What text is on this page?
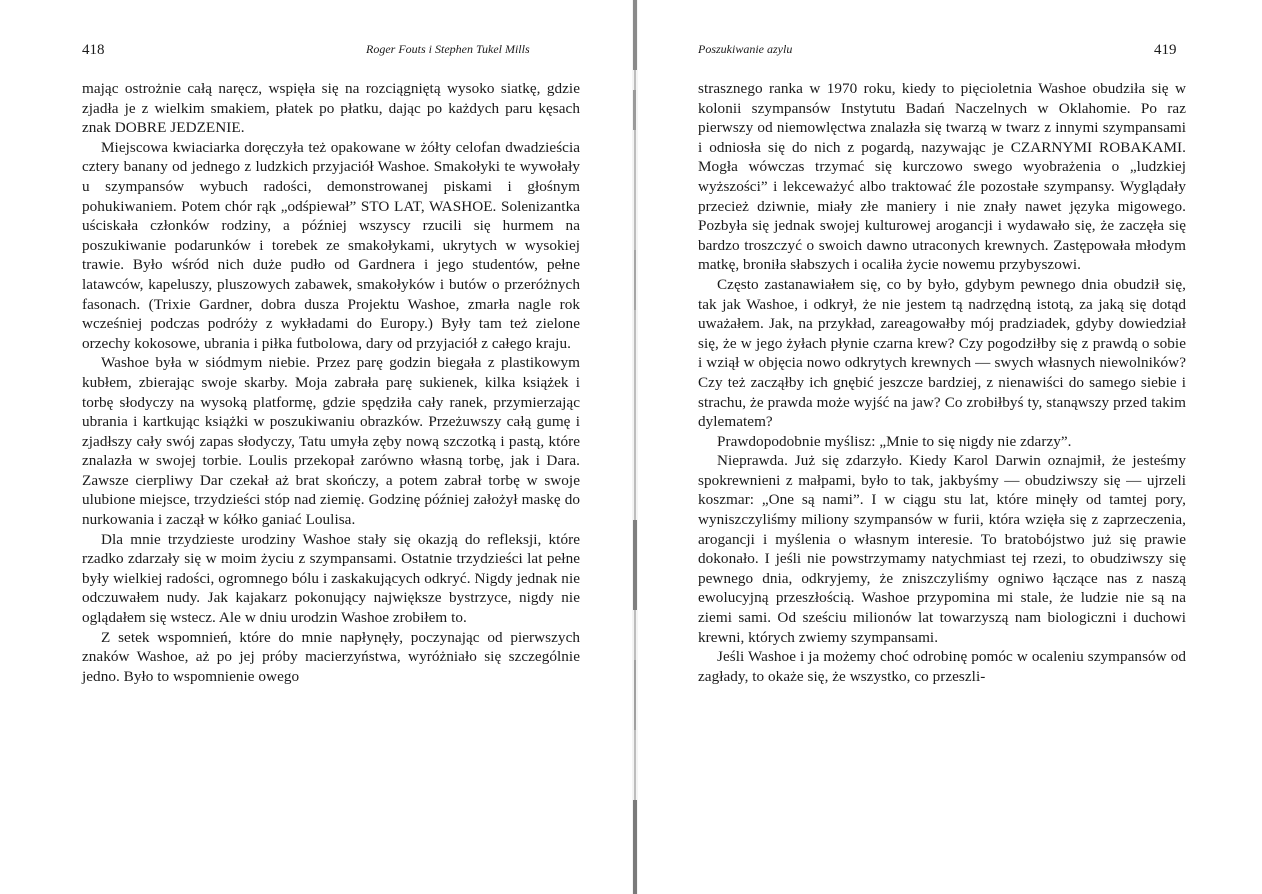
418	Roger Fouts i Stephen Tukel Mills

mając ostrożnie całą naręcz, wspięła się na rozciągniętą wysoko siatkę, gdzie zjadła je z wielkim smakiem, płatek po płatku, dając po każdych paru kęsach znak DOBRE JEDZENIE.

Miejscowa kwiaciarka doręczyła też opakowane w żółty celofan dwadzieścia cztery banany od jednego z ludzkich przyjaciół Washoe. Smakołyki te wywołały u szympansów wybuch radości, demonstrowanej piskami i głośnym pohukiwaniem. Potem chór rąk „odśpiewał” STO LAT, WASHOE. Solenizantka uściskała członków rodziny, a później wszyscy rzucili się hurmem na poszukiwanie podarunków i torebek ze smakołykami, ukrytych w wysokiej trawie. Było wśród nich duże pudło od Gardnera i jego studentów, pełne latawców, kapeluszy, pluszowych zabawek, smakołyków i butów o przeróżnych fasonach. (Trixie Gardner, dobra dusza Projektu Washoe, zmarła nagle rok wcześniej podczas podróży z wykładami do Europy.) Były tam też zielone orzechy kokosowe, ubrania i piłka futbolowa, dary od przyjaciół z całego kraju.

Washoe była w siódmym niebie. Przez parę godzin biegała z plastikowym kubłem, zbierając swoje skarby. Moja zabrała parę sukienek, kilka książek i torbę słodyczy na wysoką platformę, gdzie spędziła cały ranek, przymierzając ubrania i kartkując książki w poszukiwaniu obrazków. Przeżuwszy całą gumę i zjadłszy cały swój zapas słodyczy, Tatu umyła zęby nową szczotką i pastą, które znalazła w swojej torbie. Loulis przekopał zarówno własną torbę, jak i Dara. Zawsze cierpliwy Dar czekał aż brat skończy, a potem zabrał torbę w swoje ulubione miejsce, trzydzieści stóp nad ziemię. Godzinę później założył maskę do nurkowania i zaczął w kółko ganiać Loulisa.

Dla mnie trzydzieste urodziny Washoe stały się okazją do refleksji, które rzadko zdarzały się w moim życiu z szympansami. Ostatnie trzydzieści lat pełne były wielkiej radości, ogromnego bólu i zaskakujących odkryć. Nigdy jednak nie odczuwałem nudy. Jak kajakarz pokonujący największe bystrzyce, nigdy nie oglądałem się wstecz. Ale w dniu urodzin Washoe zrobiłem to.

Z setek wspomnień, które do mnie napłynęły, poczynając od pierwszych znaków Washoe, aż po jej próby macierzyństwa, wyróżniało się szczególnie jedno. Było to wspomnienie owego

Poszukiwanie azylu	419

strasznego ranka w 1970 roku, kiedy to pięcioletnia Washoe obudziła się w kolonii szympansów Instytutu Badań Naczelnych w Oklahomie. Po raz pierwszy od niemowlęctwa znalazła się twarzą w twarz z innymi szympansami i odniosła się do nich z pogardą, nazywając je CZARNYMI ROBAKAMI. Mogła wówczas trzymać się kurczowo swego wyobrażenia o „ludzkiej wyższości” i lekceważyć albo traktować źle pozostałe szympansy. Wyglądały przecież dziwnie, miały złe maniery i nie znały nawet języka migowego. Pozbyła się jednak swojej kulturowej arogancji i wydawało się, że zaczęła się bardzo troszczyć o swoich dawno utraconych krewnych. Zastępowała młodym matkę, broniła słabszych i ocaliła życie nowemu przybyszowi.

Często zastanawiałem się, co by było, gdybym pewnego dnia obudził się, tak jak Washoe, i odkrył, że nie jestem tą nadrzędną istotą, za jaką się dotąd uważałem. Jak, na przykład, zareagowałby mój pradziadek, gdyby dowiedział się, że w jego żyłach płynie czarna krew? Czy pogodziłby się z prawdą o sobie i wziął w objęcia nowo odkrytych krewnych — swych własnych niewolników? Czy też zacząłby ich gnębić jeszcze bardziej, z nienawiści do samego siebie i strachu, że prawda może wyjść na jaw? Co zrobiłbyś ty, stanąwszy przed takim dylematem?

Prawdopodobnie myślisz: „Mnie to się nigdy nie zdarzy”.

Nieprawda. Już się zdarzyło. Kiedy Karol Darwin oznajmił, że jesteśmy spokrewnieni z małpami, było to tak, jakbyśmy — obudziwszy się — ujrzeli koszmar: „One są nami”. I w ciągu stu lat, które minęły od tamtej pory, wyniszczyliśmy miliony szympansów w furii, która wzięła się z zaprzeczenia, arogancji i myślenia o własnym interesie. To bratobójstwo już się prawie dokonało. I jeśli nie powstrzymamy natychmiast tej rzezi, to obudziwszy się pewnego dnia, odkryjemy, że zniszczyliśmy ogniwo łączące nas z naszą ewolucyjną przeszłością. Washoe przypomina mi stale, że ludzie nie są na ziemi sami. Od sześciu milionów lat towarzyszą nam biologiczni i duchowi krewni, których zwiemy szympansami.

Jeśli Washoe i ja możemy choć odrobinę pomóc w ocaleniu szympansów od zagłady, to okaże się, że wszystko, co przeszli-
